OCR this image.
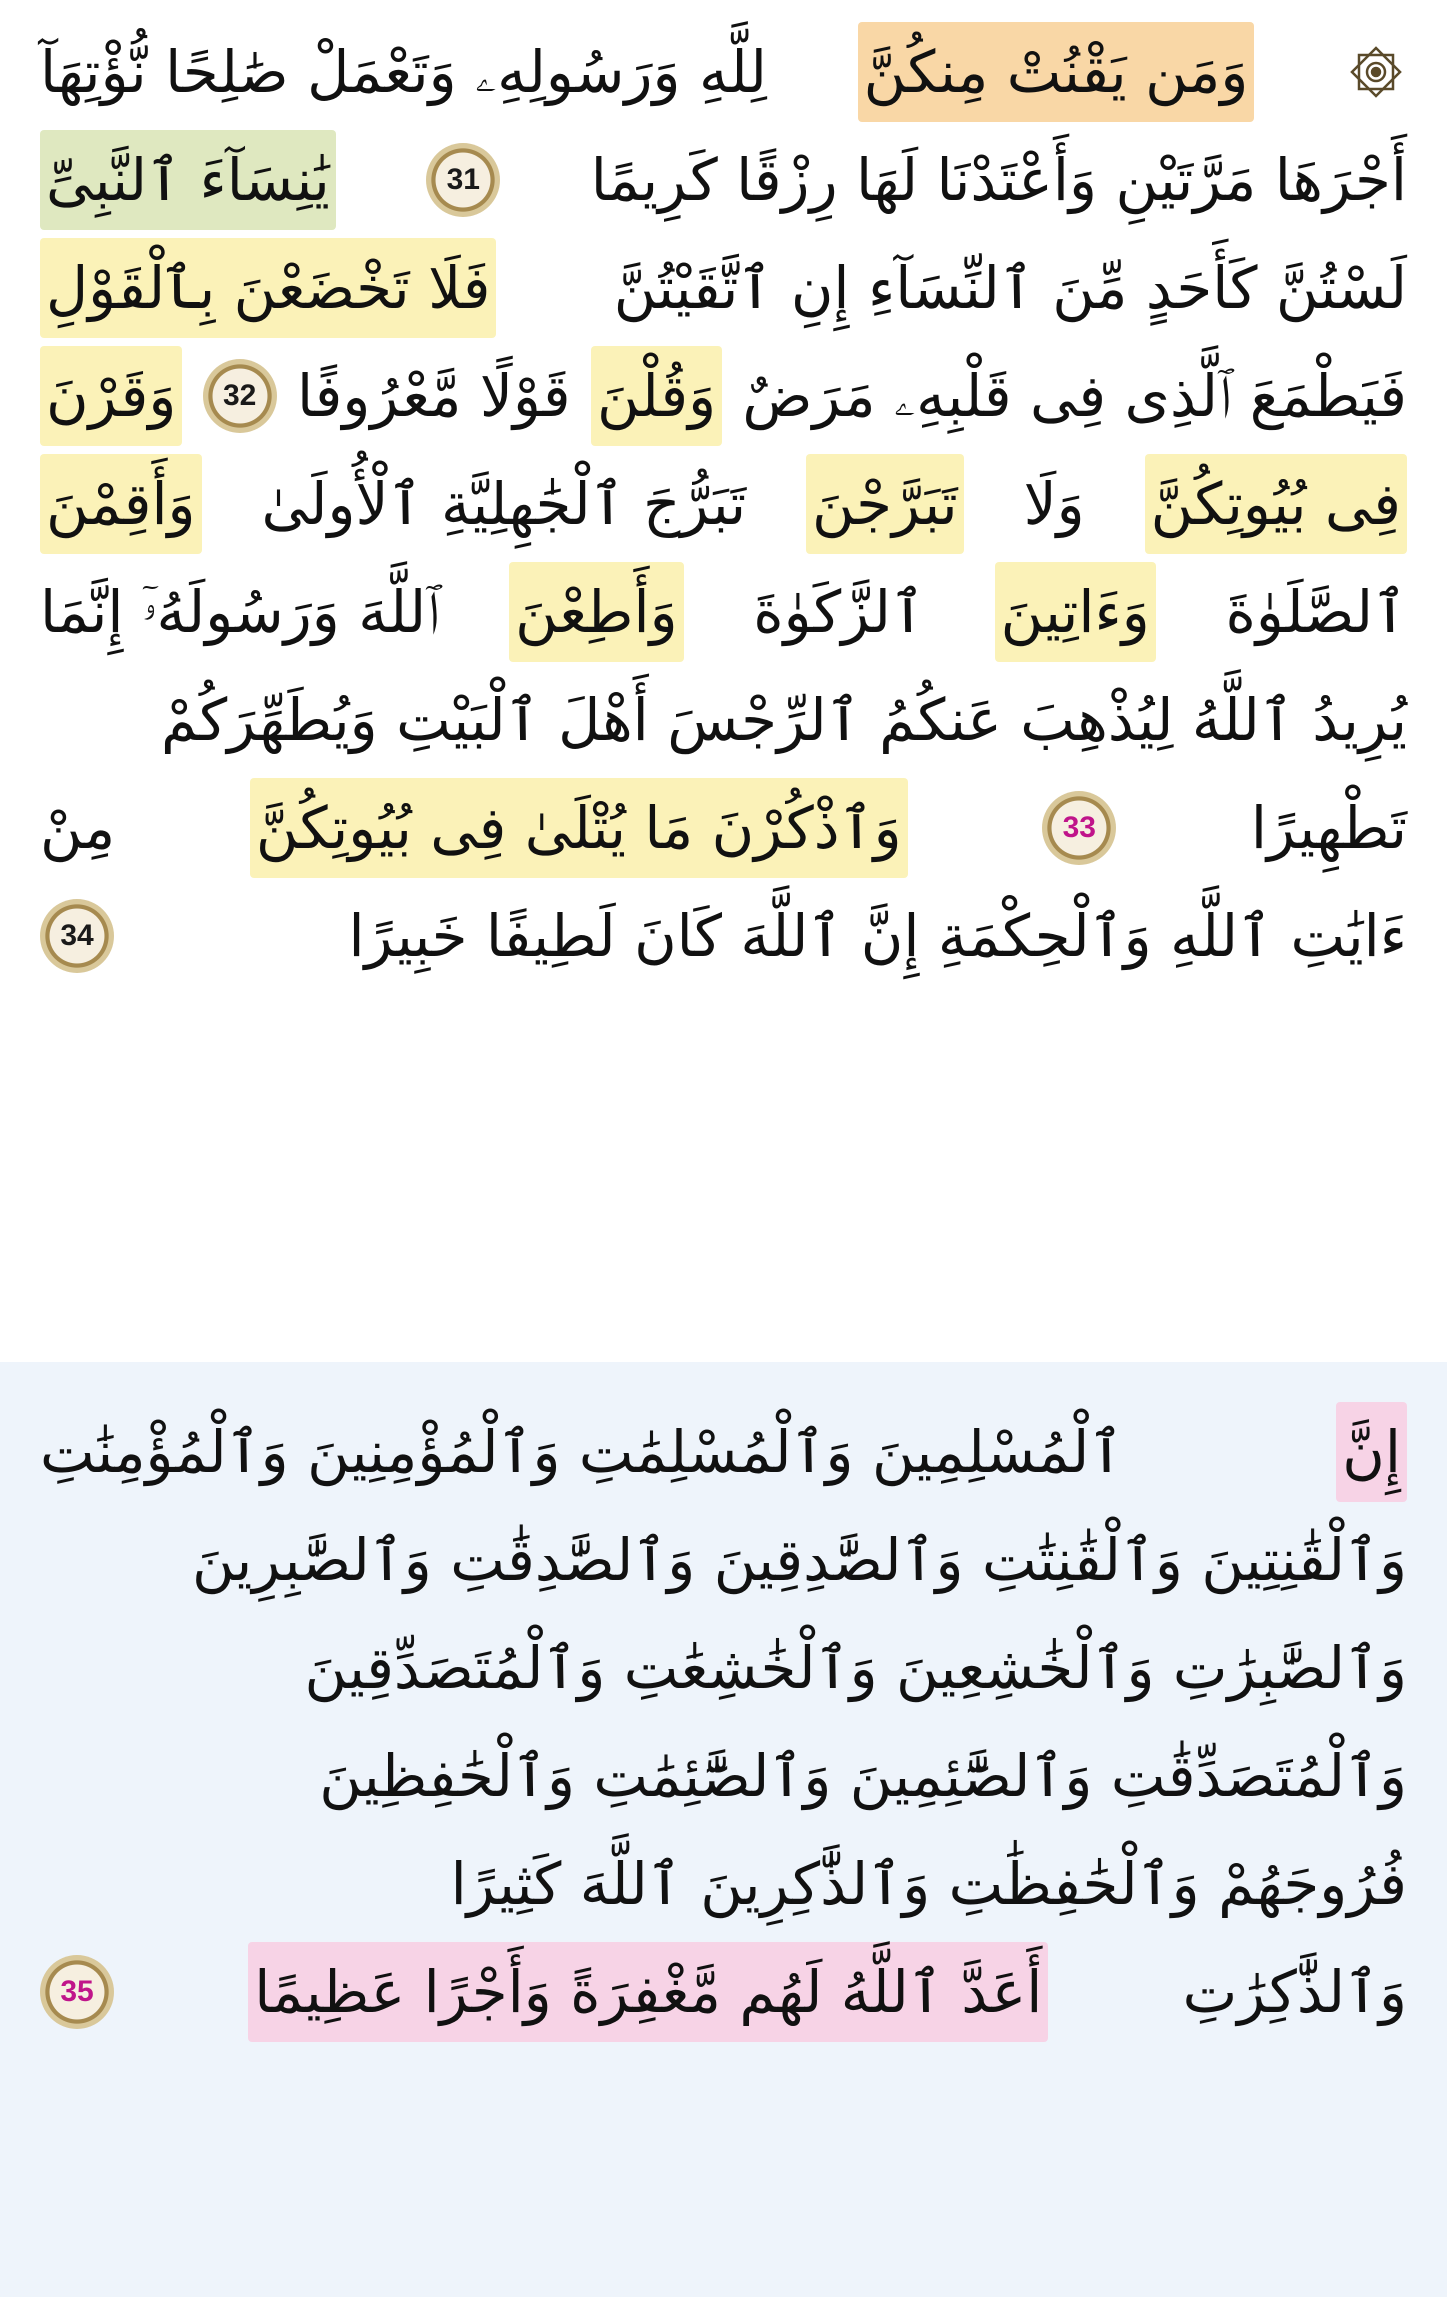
وَمَن يَقْنُتْ مِنكُنَّ
لِلَّهِ وَرَسُولِهِۦ وَتَعْمَلْ صَٰلِحًا نُّؤْتِهَآ
أَجْرَهَا مَرَّتَيْنِ وَأَعْتَدْنَا لَهَا رِزْقًا كَرِيمًا
31
يَٰنِسَآءَ ٱلنَّبِىِّ
لَسْتُنَّ كَأَحَدٍ مِّنَ ٱلنِّسَآءِ إِنِ ٱتَّقَيْتُنَّ
فَلَا تَخْضَعْنَ بِٱلْقَوْلِ
فَيَطْمَعَ ٱلَّذِى فِى قَلْبِهِۦ مَرَضٌ
وَقُلْنَ
قَوْلًا مَّعْرُوفًا
32
وَقَرْنَ
فِى بُيُوتِكُنَّ
وَلَا
تَبَرَّجْنَ
تَبَرُّجَ ٱلْجَٰهِلِيَّةِ ٱلْأُولَىٰ
وَأَقِمْنَ
ٱلصَّلَوٰةَ
وَءَاتِينَ
ٱلزَّكَوٰةَ
وَأَطِعْنَ
ٱللَّهَ وَرَسُولَهُۥٓ إِنَّمَا
يُرِيدُ ٱللَّهُ لِيُذْهِبَ عَنكُمُ ٱلرِّجْسَ أَهْلَ ٱلْبَيْتِ وَيُطَهِّرَكُمْ
تَطْهِيرًا
33
وَٱذْكُرْنَ مَا يُتْلَىٰ فِى بُيُوتِكُنَّ
مِنْ
ءَايَٰتِ ٱللَّهِ وَٱلْحِكْمَةِ إِنَّ ٱللَّهَ كَانَ لَطِيفًا خَبِيرًا
34
إِنَّ
ٱلْمُسْلِمِينَ وَٱلْمُسْلِمَٰتِ وَٱلْمُؤْمِنِينَ وَٱلْمُؤْمِنَٰتِ
وَٱلْقَٰنِتِينَ وَٱلْقَٰنِتَٰتِ وَٱلصَّٰدِقِينَ وَٱلصَّٰدِقَٰتِ وَٱلصَّٰبِرِينَ
وَٱلصَّٰبِرَٰتِ وَٱلْخَٰشِعِينَ وَٱلْخَٰشِعَٰتِ وَٱلْمُتَصَدِّقِينَ
وَٱلْمُتَصَدِّقَٰتِ وَٱلصَّٰٓئِمِينَ وَٱلصَّٰٓئِمَٰتِ وَٱلْحَٰفِظِينَ
فُرُوجَهُمْ وَٱلْحَٰفِظَٰتِ وَٱلذَّٰكِرِينَ ٱللَّهَ كَثِيرًا
وَٱلذَّٰكِرَٰتِ
أَعَدَّ ٱللَّهُ لَهُم مَّغْفِرَةً وَأَجْرًا عَظِيمًا
35
